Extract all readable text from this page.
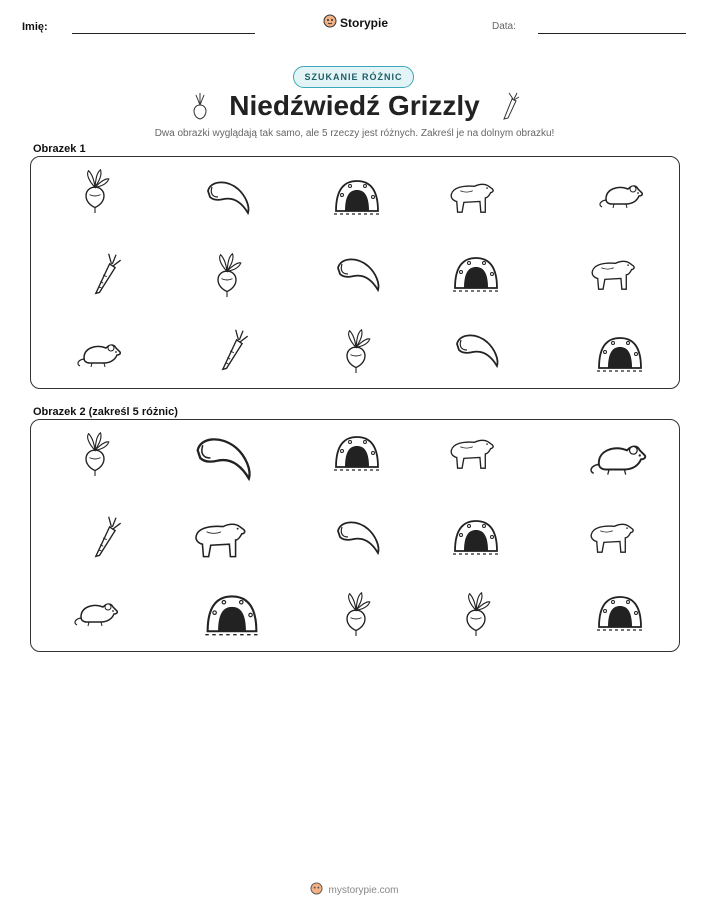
Imię:	Storypie	Data:
SZUKANIE RÓŻNIC
Niedźwiedź Grizzly
Dwa obrazki wyglądają tak samo, ale 5 rzeczy jest różnych. Zakreśl je na dolnym obrazku!
Obrazek 1
Obrazek 2 (zakreśl 5 różnic)
mystorypie.com
